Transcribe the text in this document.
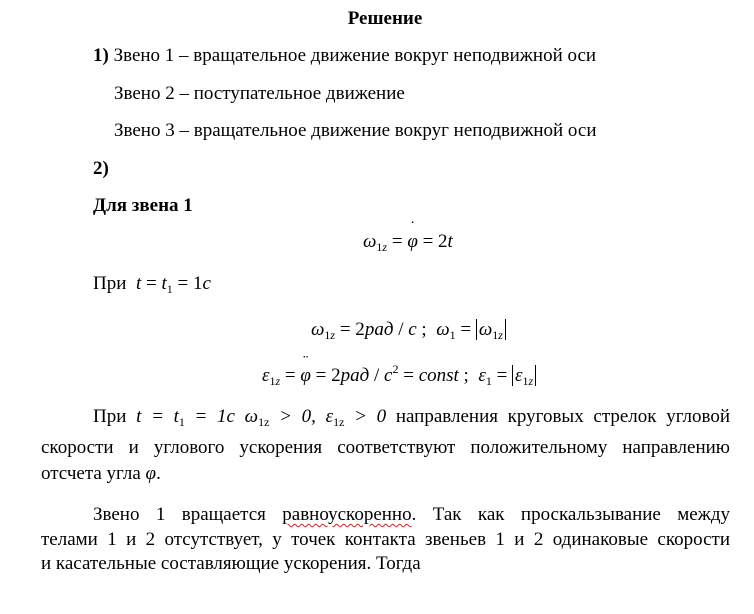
Решение
1) Звено 1 – вращательное движение вокруг неподвижной оси
Звено 2 – поступательное движение
Звено 3 – вращательное движение вокруг неподвижной оси
2)
Для звена 1
$\omega_{1z}$ = ˙ φ = 2t
При $t = t_1 = 1c$
$\omega_{1z} = 2рад / с$ ;  $\omega_1 = \omega_{1z}$
$\varepsilon_{1z}$ = ¨ $\varphi = 2рад / с^2$ = const ;  $\varepsilon_1 = \varepsilon_{1z}$
При $t = t_1 = 1c$ $\omega_{1z} > 0$, $\varepsilon_{1z} > 0$ направления круговых стрелок угловой
скорости и углового ускорения соответствуют положительному направлению
отсчета угла φ.
Звено 1 вращается равноускоренно. Так как проскальзывание между
телами 1 и 2 отсутствует, у точек контакта звеньев 1 и 2 одинаковые скорости
и касательные составляющие ускорения. Тогда
